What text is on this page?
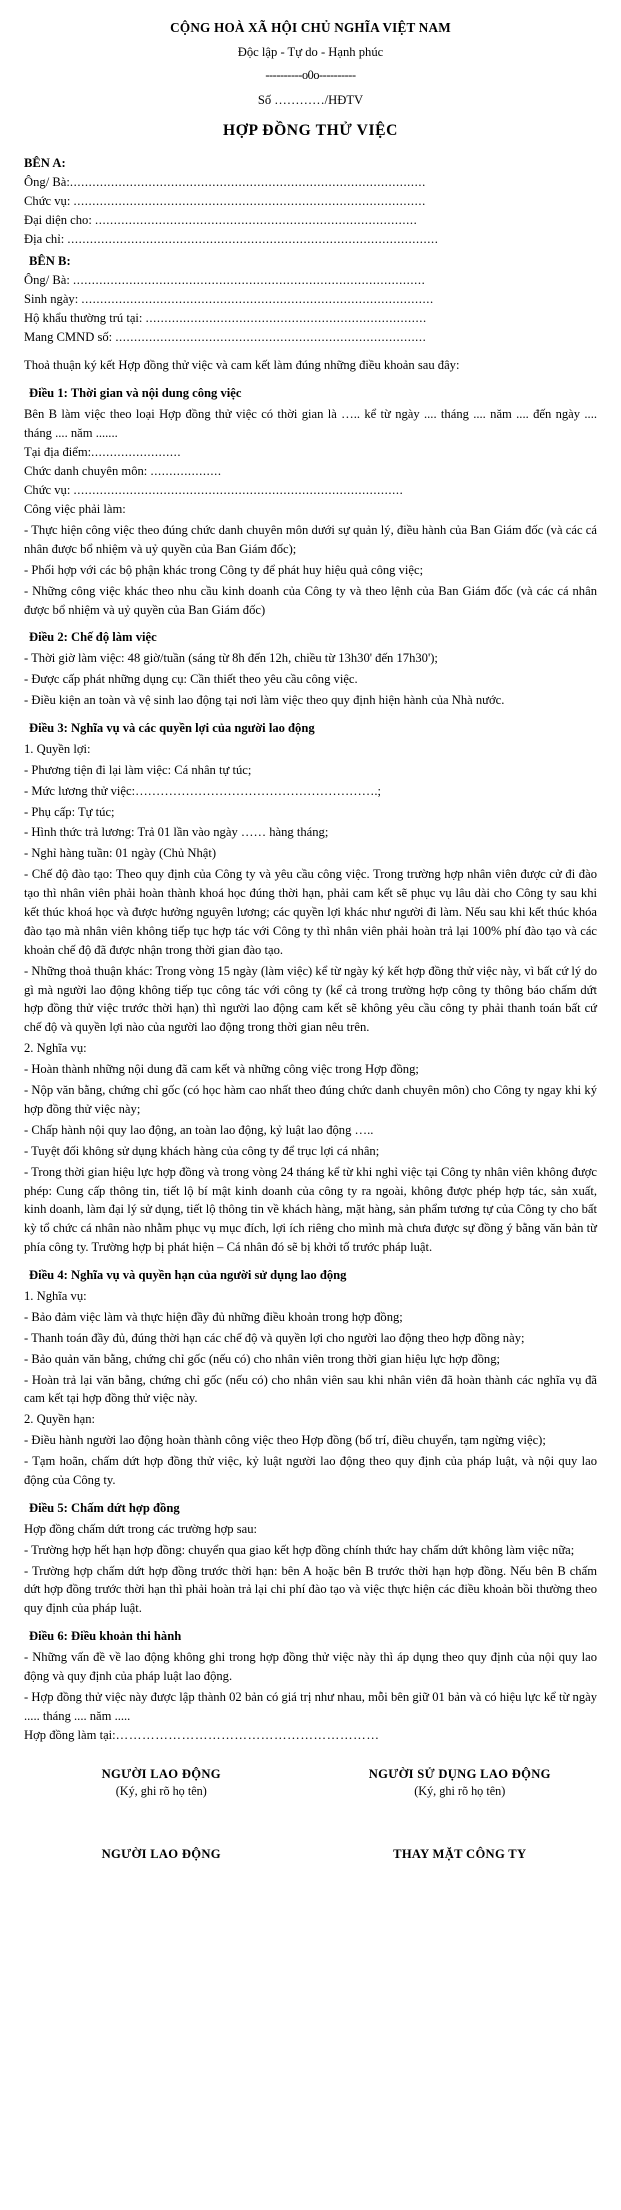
CỘNG HOÀ XÃ HỘI CHỦ NGHĨA VIỆT NAM
Độc lập - Tự do - Hạnh phúc
----------o0o----------
Số …………/HĐTV
HỢP ĐỒNG THỬ VIỆC
BÊN A:
Ông/ Bà:...............................................................................................
Chức vụ: ..............................................................................................
Đại diện cho: ......................................................................................
Địa chỉ: ...................................................................................................
BÊN B:
Ông/ Bà: ..............................................................................................
Sinh ngày: ..............................................................................................
Hộ khẩu thường trú tại: ...........................................................................
Mang CMND số: ...................................................................................
Thoả thuận ký kết Hợp đồng thử việc và cam kết làm đúng những điều khoản sau đây:
Điều 1: Thời gian và nội dung công việc
Bên B làm việc theo loại Hợp đồng thử việc có thời gian là ….. kể từ ngày .... tháng .... năm .... đến ngày .... tháng .... năm .......
Tại địa điểm:........................
Chức danh chuyên môn: ...................
Chức vụ: ........................................................................................
Công việc phải làm:
- Thực hiện công việc theo đúng chức danh chuyên môn dưới sự quản lý, điều hành của Ban Giám đốc (và các cá nhân được bổ nhiệm và uỷ quyền của Ban Giám đốc);
- Phối hợp với các bộ phận khác trong Công ty để phát huy hiệu quả công việc;
- Những công việc khác theo nhu cầu kinh doanh của Công ty và theo lệnh của Ban Giám đốc (và các cá nhân được bổ nhiệm và uỷ quyền của Ban Giám đốc)
Điều 2: Chế độ làm việc
- Thời giờ làm việc: 48 giờ/tuần (sáng từ 8h đến 12h, chiều từ 13h30' đến 17h30');
- Được cấp phát những dụng cụ: Cần thiết theo yêu cầu công việc.
- Điều kiện an toàn và vệ sinh lao động tại nơi làm việc theo quy định hiện hành của Nhà nước.
Điều 3: Nghĩa vụ và các quyền lợi của người lao động
1. Quyền lợi:
- Phương tiện đi lại làm việc: Cá nhân tự túc;
- Mức lương thử việc:………………………………………………….;
- Phụ cấp: Tự túc;
- Hình thức trả lương: Trả 01 lần vào ngày …… hàng tháng;
- Nghỉ hàng tuần: 01 ngày (Chủ Nhật)
- Chế độ đào tạo: Theo quy định của Công ty và yêu cầu công việc. Trong trường hợp nhân viên được cử đi đào tạo thì nhân viên phải hoàn thành khoá học đúng thời hạn, phải cam kết sẽ phục vụ lâu dài cho Công ty sau khi kết thúc khoá học và được hưởng nguyên lương; các quyền lợi khác như người đi làm. Nếu sau khi kết thúc khóa đào tạo mà nhân viên không tiếp tục hợp tác với Công ty thì nhân viên phải hoàn trả lại 100% phí đào tạo và các khoản chế độ đã được nhận trong thời gian đào tạo.
- Những thoả thuận khác: Trong vòng 15 ngày (làm việc) kể từ ngày ký kết hợp đồng thử việc này, vì bất cứ lý do gì mà người lao động không tiếp tục công tác với công ty (kể cả trong trường hợp công ty thông báo chấm dứt hợp đồng thử việc trước thời hạn) thì người lao động cam kết sẽ không yêu cầu công ty phải thanh toán bất cứ chế độ và quyền lợi nào của người lao động trong thời gian nêu trên.
2. Nghĩa vụ:
- Hoàn thành những nội dung đã cam kết và những công việc trong Hợp đồng;
- Nộp văn bằng, chứng chỉ gốc (có học hàm cao nhất theo đúng chức danh chuyên môn) cho Công ty ngay khi ký hợp đồng thử việc này;
- Chấp hành nội quy lao động, an toàn lao động, kỷ luật lao động …..
- Tuyệt đối không sử dụng khách hàng của công ty để trục lợi cá nhân;
- Trong thời gian hiệu lực hợp đồng và trong vòng 24 tháng kể từ khi nghỉ việc tại Công ty nhân viên không được phép: Cung cấp thông tin, tiết lộ bí mật kinh doanh của công ty ra ngoài, không được phép hợp tác, sản xuất, kinh doanh, làm đại lý sử dụng, tiết lộ thông tin về khách hàng, mặt hàng, sản phẩm tương tự của Công ty cho bất kỳ tổ chức cá nhân nào nhằm phục vụ mục đích, lợi ích riêng cho mình mà chưa được sự đồng ý bằng văn bản từ phía công ty. Trường hợp bị phát hiện – Cá nhân đó sẽ bị khởi tố trước pháp luật.
Điều 4: Nghĩa vụ và quyền hạn của người sử dụng lao động
1. Nghĩa vụ:
- Bảo đảm việc làm và thực hiện đầy đủ những điều khoản trong hợp đồng;
- Thanh toán đầy đủ, đúng thời hạn các chế độ và quyền lợi cho người lao động theo hợp đồng này;
- Bảo quản văn bằng, chứng chỉ gốc (nếu có) cho nhân viên trong thời gian hiệu lực hợp đồng;
- Hoàn trả lại văn bằng, chứng chỉ gốc (nếu có) cho nhân viên sau khi nhân viên đã hoàn thành các nghĩa vụ đã cam kết tại hợp đồng thử việc này.
2. Quyền hạn:
- Điều hành người lao động hoàn thành công việc theo Hợp đồng (bố trí, điều chuyển, tạm ngừng việc);
- Tạm hoãn, chấm dứt hợp đồng thử việc, kỷ luật người lao động theo quy định của pháp luật, và nội quy lao động của Công ty.
Điều 5: Chấm dứt hợp đồng
Hợp đồng chấm dứt trong các trường hợp sau:
- Trường hợp hết hạn hợp đồng: chuyển qua giao kết hợp đồng chính thức hay chấm dứt không làm việc nữa;
- Trường hợp chấm dứt hợp đồng trước thời hạn: bên A hoặc bên B trước thời hạn hợp đồng. Nếu bên B chấm dứt hợp đồng trước thời hạn thì phải hoàn trả lại chi phí đào tạo và việc thực hiện các điều khoản bồi thường theo quy định của pháp luật.
Điều 6: Điều khoản thi hành
- Những vấn đề về lao động không ghi trong hợp đồng thử việc này thì áp dụng theo quy định của nội quy lao động và quy định của pháp luật lao động.
- Hợp đồng thử việc này được lập thành 02 bản có giá trị như nhau, mỗi bên giữ 01 bản và có hiệu lực kể từ ngày ..... tháng .... năm .....
Hợp đồng làm tại:……………………………………………………
NGƯỜI LAO ĐỘNG
(Ký, ghi rõ họ tên)
NGƯỜI SỬ DỤNG LAO ĐỘNG
(Ký, ghi rõ họ tên)
NGƯỜI LAO ĐỘNG	THAY MẶT CÔNG TY
